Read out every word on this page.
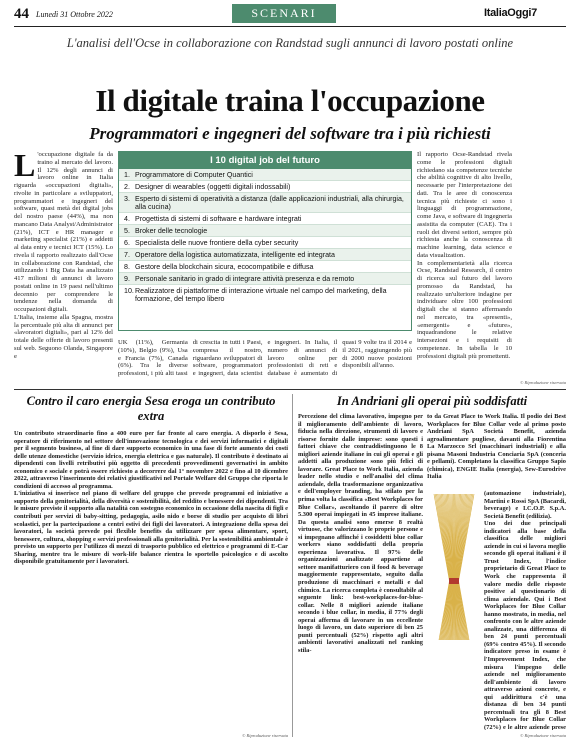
44 Lunedì 31 Ottobre 2022	SCENARI	ItaliaOggi7
L'analisi dell'Ocse in collaborazione con Randstad sugli annunci di lavoro postati online
Il digitale traina l'occupazione
Programmatori e ingegneri del software tra i più richiesti
L 'occupazione digitale fa da traino al mercato del lavoro. Il 12% degli annunci di lavoro online in Italia riguarda «occupazioni digitali», rivolte in particolare a sviluppatori, programmatori e ingegneri del software, quasi metà dei digital jobs del nostro paese (44%), ma non mancano Data Analyst/Administrator (21%), ICT e HR manager e marketing specialist (21%) e addetti al data entry e tecnici ICT (15%). Lo rivela il rapporto realizzato dall'Ocse in collaborazione con Randstad, che utilizzando i Big Data ha analizzato 417 milioni di annunci di lavoro postati online in 19 paesi nell'ultimo decennio per comprendere le tendenze nella domanda di occupazioni digitali.
L'Italia, insieme alla Spagna, mostra la percentuale più alta di annunci per «lavoratori digitali», pari al 12% del totale delle offerte di lavoro presenti sul web. Seguono Olanda, Singapore e
I 10 digital job del futuro
1. Programmatore di Computer Quantici
2. Designer di wearables (oggetti digitali indossabili)
3. Esperto di sistemi di operatività a distanza (dalle applicazioni industriali, alla chirurgia, alla cucina)
4. Progettista di sistemi di software e hardware integrati
5. Broker delle tecnologie
6. Specialista delle nuove frontiere della cyber security
7. Operatore della logistica automatizzata, intelligente ed integrata
8. Gestore della blockchain sicura, ecocompatibile e diffusa
9. Personale sanitario in grado di integrare attività presenza e da remoto
10. Realizzatore di piattaforme di interazione virtuale nel campo del marketing, della formazione, del tempo libero
UK (11%), Germania (10%), Belgio (9%), Usa e Francia (7%), Canada (6%). Tra le diverse professioni, i più alti tassi di crescita in tutti i Paesi, compresa il nostro, riguardano sviluppatori di software, programmatori e ingegneri, data scientist e ingegneri. In Italia, il numero di annunci di lavoro online per professionisti di reti e database è aumentato di quasi 9 volte tra il 2014 e il 2021, raggiungendo più di 2000 nuove posizioni disponibili all'anno.
Il rapporto Ocse-Randstad rivela come le professioni digitali richiedano sia competenze tecniche che abilità cognitive di alto livello, necessarie per l'interpretazione dei dati. Tra le aree di conoscenza tecnica più richieste ci sono i linguaggi di programmazione, come Java, e software di ingegneria assistita da computer (CAE). Tra i ruoli dei diversi settori, sempre più richiesta anche la conoscenza di machine learning, data science e data visualization.
In complementarietà alla ricerca Ocse, Randstad Research, il centro di ricerca sul futuro del lavoro promosso da Randstad, ha realizzato un'ulteriore indagine per individuare oltre 100 professioni digitali che si stanno affermando nel mercato, tra «presenti», «emergenti» e «future», inquadrandone le relative intersezioni e i requisiti di competenze. In tabella le 10 professioni digitali più promettenti.
© Riproduzione riservata
Contro il caro energia Sesa eroga un contributo extra
Un contributo straordinario fino a 400 euro per far fronte al caro energia. A disporlo è Sesa, operatore di riferimento nel settore dell'innovazione tecnologica e dei servizi informatici e digitali per il segmento business, al fine di dare supporto economico in una fase di forte aumento dei costi delle utenze domestiche (servizio idrico, energia elettrica e gas naturale). Il contributo è destinato ai dipendenti con livelli retributivi più oggetto di precedenti provvedimenti governativi in ambito economico e sociale e potrà essere richiesto a decorrere dal 1° novembre 2022 e fino al 10 dicembre 2022, attraverso l'inserimento dei relativi giustificativi nel Portale Welfare del Gruppo che riporta le condizioni di accesso al programma.
L'iniziativa si inserisce nel piano di welfare del gruppo che prevede programmi ed iniziative a supporto della genitorialità, della diversità e sostenibilità, del reddito e benessere dei dipendenti. Tra le misure previste il supporto alla natalità con sostegno economico in occasione della nascita di figli e contributi per servizi di baby-sitting, pedagogia, asilo nido e borse di studio per acquisto di libri scolastici, per la partecipazione a centri estivi dei figli dei lavoratori. A integrazione della spesa dei lavoratori, la società prevede poi flexible benefits da utilizzare per spesa alimentare, sport, benessere, cultura, shopping e servizi professionali alla genitorialità. Per la sostenibilità ambientale è previsto un supporto per l'utilizzo di mezzi di trasporto pubblico ed elettrico e programmi di E-Car Sharing, mentre tra le misure di work-life balance rientra lo sportello psicologico e di ascolto disponibile gratuitamente per i lavoratori.
© Riproduzione riservata
In Andriani gli operai più soddisfatti
Percezione del clima lavorativo, impegno per il miglioramento dell'ambiente di lavoro, fiducia nella direzione, strumenti di lavoro e risorse fornite dalle imprese: sono questi i fattori chiave che contraddistinguono le 8 migliori aziende italiane in cui gli operai e gli addetti alla produzione sono più felici di lavorare. Great Place to Work Italia, azienda leader nello studio e nell'analisi del clima aziendale, della trasformazione organizzativa e dell'employer branding, ha stilato per la prima volta la classifica «Best Workplaces for Blue Collar», ascoltando il parere di oltre 5.300 operai impiegati in 45 imprese italiane. Da questa analisi sono emerse 8 realtà virtuose, che valorizzano le proprie persone e si impegnano affinché i cosiddetti blue collar workers siano soddisfatti della propria esperienza lavorativa. Il 97% delle organizzazioni analizzate appartiene al settore manifatturiero con il food & beverage maggiormente rappresentato, seguito dalla produzione di macchinari e metalli e dal chimico. La ricerca completa è consultabile al seguente link: best-workplaces-for-blue-collar. Nelle 8 migliori aziende italiane secondo i blue collar, in media, il 77% degli operai afferma di lavorare in un eccellente luogo di lavoro, un dato superiore di ben 25 punti percentuali (52%) rispetto agli altri ambienti lavorativi analizzati nel ranking stila-
to da Great Place to Work Italia. Il podio dei Best Workplaces for Blue Collar vede al primo posto Andriani SpA Società Benefit, azienda agroalimentare pugliese, davanti alla Fiorentina La Marzocco Srl (macchinari industriali) e alla pisana Masoni Industria Conciaria SpA (conceria e pellami). Completano la classifica Gruppo Sapio (chimica), ENGIE Italia (energia), Sew-Eurodrive Italia
(automazione industriale), Martini e Rossi SpA (Bacardi, beverage) e I.C.O.P. S.p.A. Società Benefit (edilizia).
Uno dei due principali indicatori alla base della classifica delle migliori aziende in cui si lavora meglio secondo gli operai italiani è il Trust Index, l'indice proprietario di Great Place to Work che rappresenta il valore medio delle risposte positive al questionario di clima aziendale. Qui i Best Workplaces for Blue Collar hanno mostrato, in media, nel confronto con le altre aziende analizzate, una differenza di ben 24 punti percentuali (69% contro 45%). Il secondo indicatore preso in esame è l'Improvement Index, che misura l'impegno delle aziende nel miglioramento dell'ambiente di lavoro attraverso azioni concrete, e qui addirittura c'è una distanza di ben 34 punti percentuali tra gli 8 Best Workplaces for Blue Collar (72%) e le altre aziende prese
© Riproduzione riservata
